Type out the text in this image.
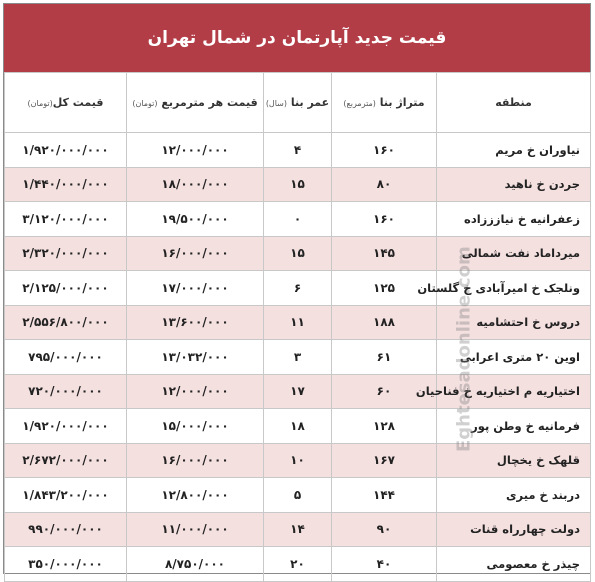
قیمت جدید آپارتمان در شمال تهران
منطقه	متراژ بنا (مترمربع)	عمر بنا (سال)	قیمت هر مترمربع (تومان)	قیمت کل(تومان)
نیاوران خ مریم	۱۶۰	۴	۱۲/۰۰۰/۰۰۰	۱/۹۲۰/۰۰۰/۰۰۰
جردن خ ناهید	۸۰	۱۵	۱۸/۰۰۰/۰۰۰	۱/۴۴۰/۰۰۰/۰۰۰
زعفرانیه خ نیازززاده	۱۶۰	۰	۱۹/۵۰۰/۰۰۰	۳/۱۲۰/۰۰۰/۰۰۰
میرداماد نفت شمالی	۱۴۵	۱۵	۱۶/۰۰۰/۰۰۰	۲/۳۲۰/۰۰۰/۰۰۰
ونلجک خ امیرآبادی خ گلستان	۱۲۵	۶	۱۷/۰۰۰/۰۰۰	۲/۱۲۵/۰۰۰/۰۰۰
دروس خ احتشامیه	۱۸۸	۱۱	۱۳/۶۰۰/۰۰۰	۲/۵۵۶/۸۰۰/۰۰۰
اوین ۲۰ متری اعرابی	۶۱	۳	۱۳/۰۳۲/۰۰۰	۷۹۵/۰۰۰/۰۰۰
اختیاریه م اختیاریه خ فناحیان	۶۰	۱۷	۱۲/۰۰۰/۰۰۰	۷۲۰/۰۰۰/۰۰۰
فرمانیه خ وطن پور	۱۲۸	۱۸	۱۵/۰۰۰/۰۰۰	۱/۹۲۰/۰۰۰/۰۰۰
قلهک خ یخچال	۱۶۷	۱۰	۱۶/۰۰۰/۰۰۰	۲/۶۷۲/۰۰۰/۰۰۰
دربند خ میری	۱۴۴	۵	۱۲/۸۰۰/۰۰۰	۱/۸۴۳/۲۰۰/۰۰۰
دولت چهارراه قنات	۹۰	۱۴	۱۱/۰۰۰/۰۰۰	۹۹۰/۰۰۰/۰۰۰
چیذر خ معصومی	۴۰	۲۰	۸/۷۵۰/۰۰۰	۳۵۰/۰۰۰/۰۰۰
Eghtesadonline.com
